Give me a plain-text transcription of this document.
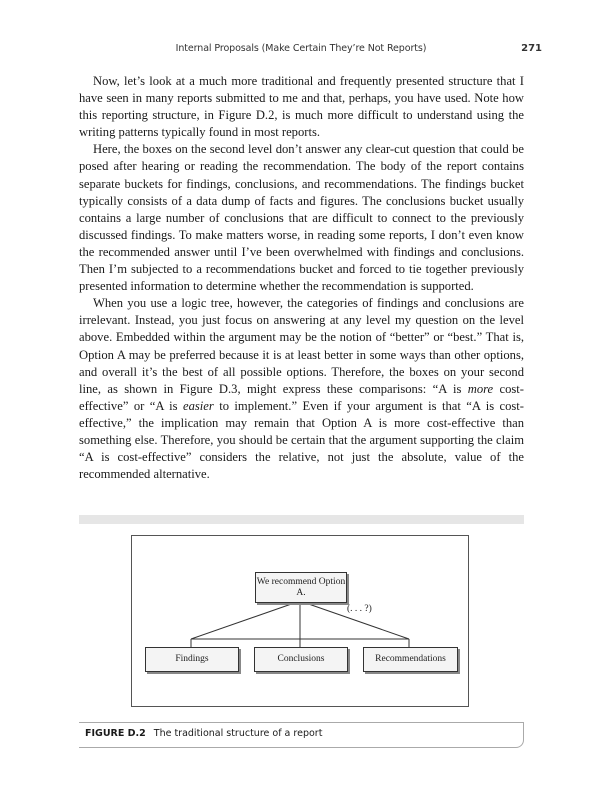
Internal Proposals (Make Certain They’re Not Reports)	271

Now, let’s look at a much more traditional and frequently presented structure that I have seen in many reports submitted to me and that, perhaps, you have used. Note how this reporting structure, in Figure D.2, is much more difficult to understand using the writing patterns typically found in most reports.

Here, the boxes on the second level don’t answer any clear-cut question that could be posed after hearing or reading the recommendation. The body of the report contains separate buckets for findings, conclusions, and recommendations. The findings bucket typically consists of a data dump of facts and figures. The conclusions bucket usually contains a large number of conclusions that are difficult to connect to the previously discussed findings. To make matters worse, in reading some reports, I don’t even know the recommended answer until I’ve been overwhelmed with findings and conclusions. Then I’m subjected to a recommendations bucket and forced to tie together previously presented information to determine whether the recommendation is supported.

When you use a logic tree, however, the categories of findings and conclusions are irrelevant. Instead, you just focus on answering at any level my question on the level above. Embedded within the argument may be the notion of “better” or “best.” That is, Option A may be preferred because it is at least better in some ways than other options, and overall it’s the best of all possible options. Therefore, the boxes on your second line, as shown in Figure D.3, might express these comparisons: “A is more cost-effective” or “A is easier to implement.” Even if your argument is that “A is cost-effective,” the implication may remain that Option A is more cost-effective than something else. Therefore, you should be certain that the argument supporting the claim “A is cost-effective” considers the relative, not just the absolute, value of the recommended alternative.

We recommend Option A.
(. . . ?)
Findings	Conclusions	Recommendations
FIGURE D.2 The traditional structure of a report
